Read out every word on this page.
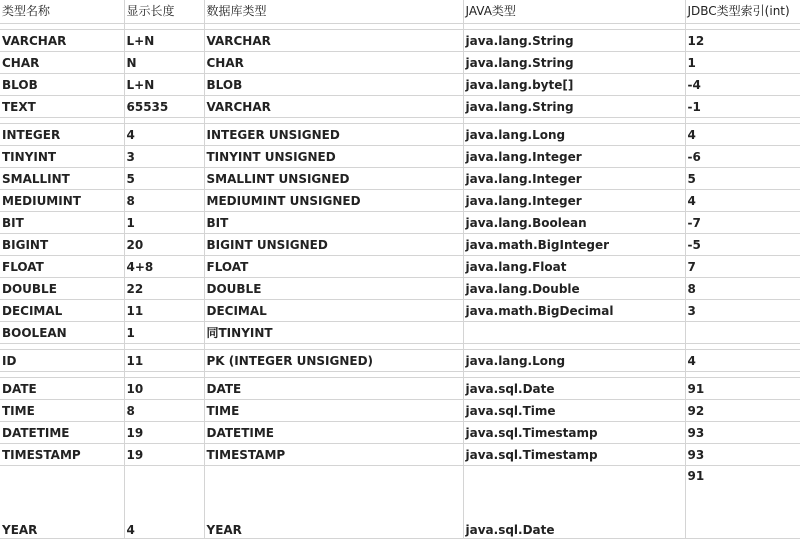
类型名称	显示长度	数据库类型	JAVA类型	JDBC类型索引(int)

VARCHAR	L+N	VARCHAR	java.lang.String	12
CHAR	N	CHAR	java.lang.String	1
BLOB	L+N	BLOB	java.lang.byte[]	-4
TEXT	65535	VARCHAR	java.lang.String	-1

INTEGER	4	INTEGER UNSIGNED	java.lang.Long	4
TINYINT	3	TINYINT UNSIGNED	java.lang.Integer	-6
SMALLINT	5	SMALLINT UNSIGNED	java.lang.Integer	5
MEDIUMINT	8	MEDIUMINT UNSIGNED	java.lang.Integer	4
BIT	1	BIT	java.lang.Boolean	-7
BIGINT	20	BIGINT UNSIGNED	java.math.BigInteger	-5
FLOAT	4+8	FLOAT	java.lang.Float	7
DOUBLE	22	DOUBLE	java.lang.Double	8
DECIMAL	11	DECIMAL	java.math.BigDecimal	3
BOOLEAN	1	同TINYINT		

ID	11	PK (INTEGER UNSIGNED)	java.lang.Long	4

DATE	10	DATE	java.sql.Date	91
TIME	8	TIME	java.sql.Time	92
DATETIME	19	DATETIME	java.sql.Timestamp	93
TIMESTAMP	19	TIMESTAMP	java.sql.Timestamp	93
YEAR	4	YEAR	java.sql.Date	91
